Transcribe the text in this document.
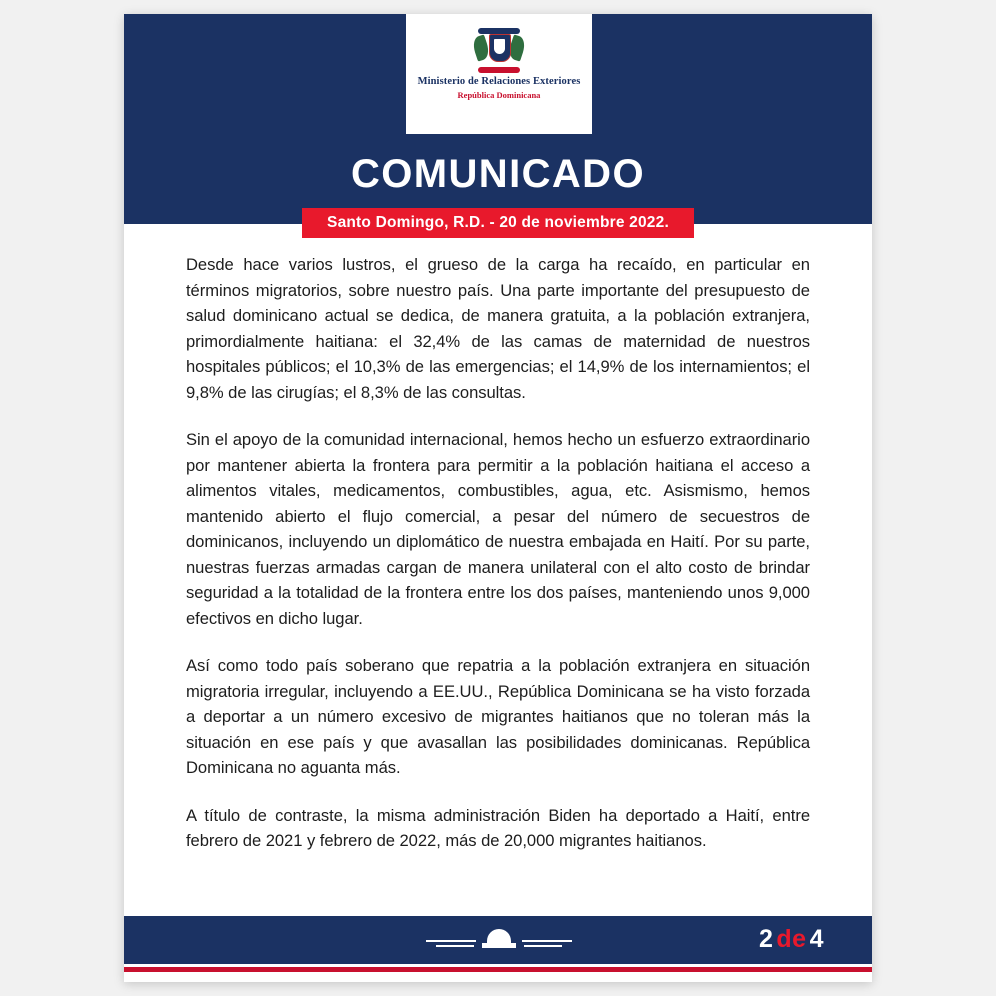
Ministerio de Relaciones Exteriores
República Dominicana
COMUNICADO
Santo Domingo, R.D. - 20 de noviembre 2022.

Desde hace varios lustros, el grueso de la carga ha recaído, en particular en términos migratorios, sobre nuestro país. Una parte importante del presupuesto de salud dominicano actual se dedica, de manera gratuita, a la población extranjera, primordialmente haitiana: el 32,4% de las camas de maternidad de nuestros hospitales públicos; el 10,3% de las emergencias; el 14,9% de los internamientos; el 9,8% de las cirugías; el 8,3% de las consultas.

Sin el apoyo de la comunidad internacional, hemos hecho un esfuerzo extraordinario por mantener abierta la frontera para permitir a la población haitiana el acceso a alimentos vitales, medicamentos, combustibles, agua, etc. Asismismo, hemos mantenido abierto el flujo comercial, a pesar del número de secuestros de dominicanos, incluyendo un diplomático de nuestra embajada en Haití. Por su parte, nuestras fuerzas armadas cargan de manera unilateral con el alto costo de brindar seguridad a la totalidad de la frontera entre los dos países, manteniendo unos 9,000 efectivos en dicho lugar.

Así como todo país soberano que repatria a la población extranjera en situación migratoria irregular, incluyendo a EE.UU., República Dominicana se ha visto forzada a deportar a un número excesivo de migrantes haitianos que no toleran más la situación en ese país y que avasallan las posibilidades dominicanas. República Dominicana no aguanta más.

A título de contraste, la misma administración Biden ha deportado a Haití, entre febrero de 2021 y febrero de 2022, más de 20,000 migrantes haitianos.

2 de 4
